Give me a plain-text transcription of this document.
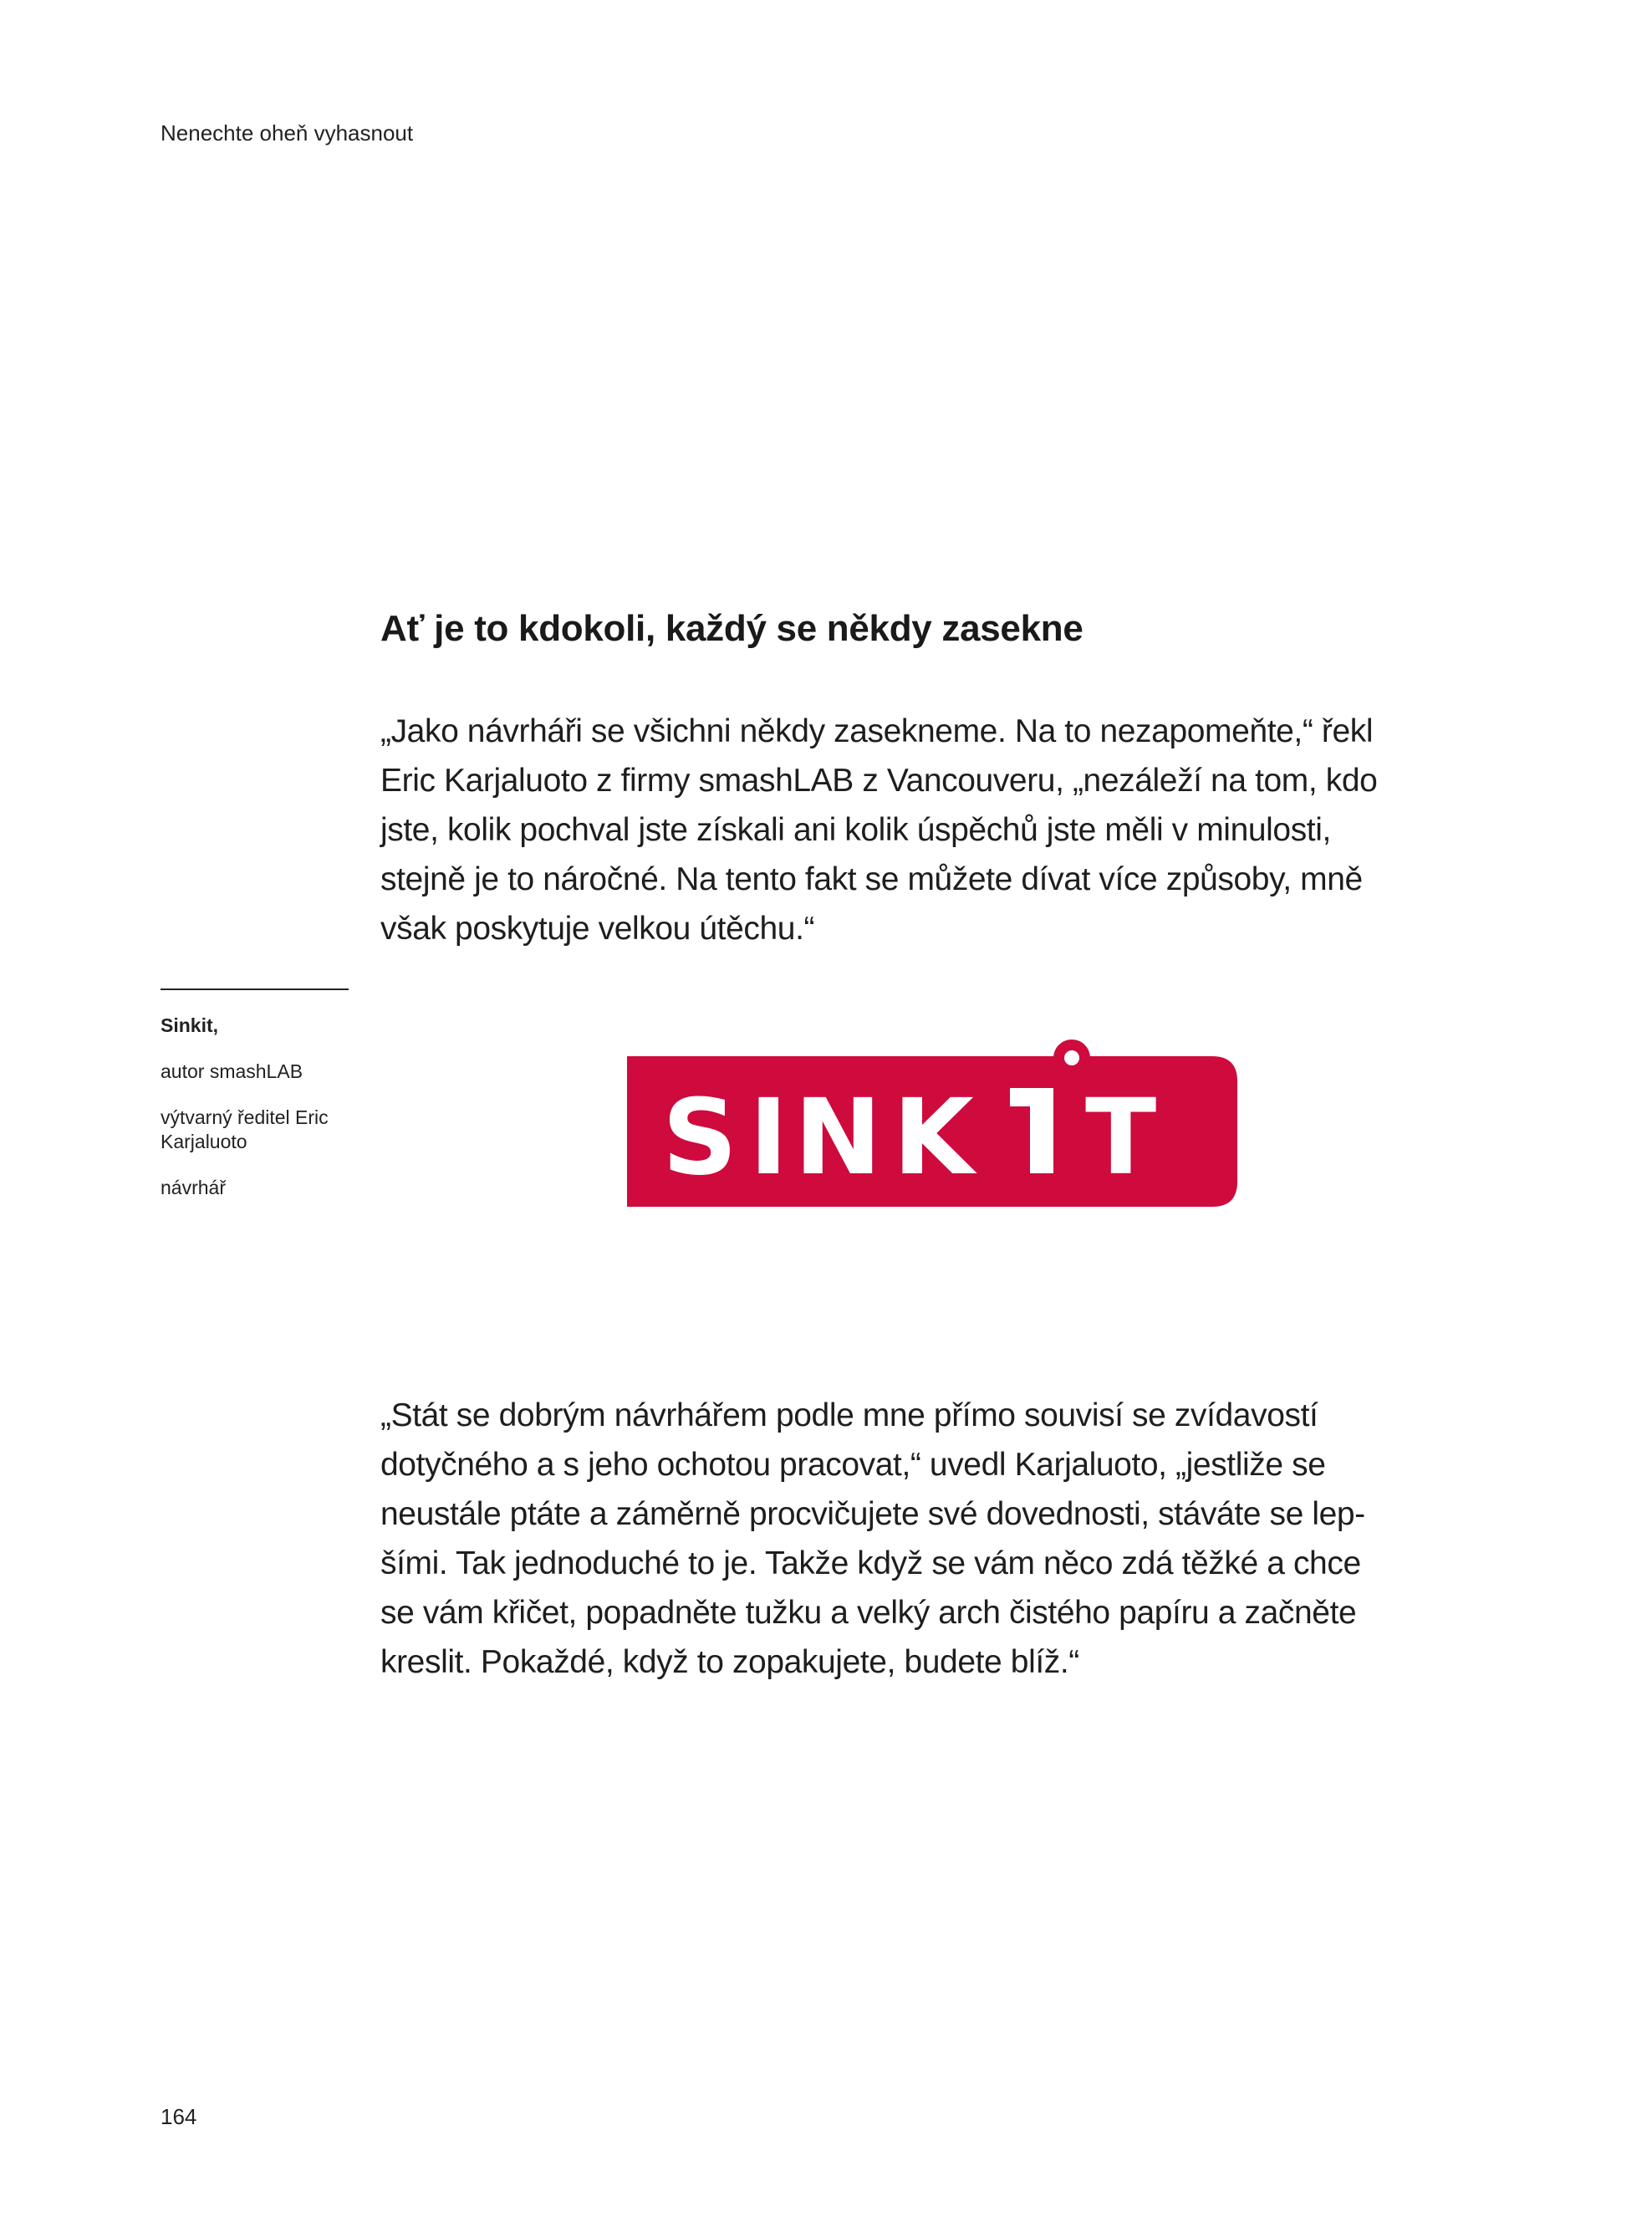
Nenechte oheň vyhasnout
Ať je to kdokoli, každý se někdy zasekne

„Jako návrháři se všichni někdy zasekneme. Na to nezapomeňte,“ řekl
Eric Karjaluoto z firmy smashLAB z Vancouveru, „nezáleží na tom, kdo
jste, kolik pochval jste získali ani kolik úspěchů jste měli v minulosti,
stejně je to náročné. Na tento fakt se můžete dívat více způsoby, mně
však poskytuje velkou útěchu.“

Sinkit,
autor smashLAB
výtvarný ředitel Eric Karjaluoto
návrhář	S I N K T

„Stát se dobrým návrhářem podle mne přímo souvisí se zvídavostí
dotyčného a s jeho ochotou pracovat,“ uvedl Karjaluoto, „jestliže se
neustále ptáte a záměrně procvičujete své dovednosti, stáváte se lep-
šími. Tak jednoduché to je. Takže když se vám něco zdá těžké a chce
se vám křičet, popadněte tužku a velký arch čistého papíru a začněte
kreslit. Pokaždé, když to zopakujete, budete blíž.“

164
